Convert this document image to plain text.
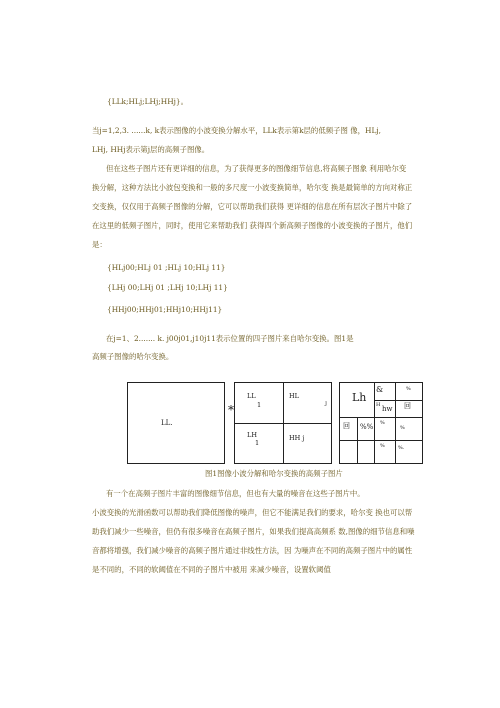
{LLk;HLj;LHj;HHj}。
当j=1,2,3. ......k, k表示图像的小波变换分解水平，LLk表示第k层的低频子图 像，HLj,
LHj, HHj表示第j层的高频子图像。
但在这些子图片还有更详细的信息，为了获得更多的图像细节信息,将高频子图象 利用哈尔变
换分解，这种方法比小波包变换和一般的多尺度一小波变换简单，哈尔变 换是最简单的方向对称正
交变换，仅仅用于高频子图像的分解，它可以帮助我们获得 更详细的信息在所有层次子图片中除了
在这里的低频子图片，同时，使用它来帮助我们 获得四个新高频子图像的小波变换的子图片，他们
是：
{HLj00;HLj 01 ;HLj 10;HLj 11}
{LHj 00;LHj 01 ;LHj 10;LHj 11}
{HHj00;HHj01;HHj10;HHj11}
在j=1、2....... k. j00j01,j10j11表示位置的四子图片来自哈尔变换。图1是
高频子图像的哈尔变换。
LL.
*
LL
1
HL
J
LH
1
HH j
Lh
&
H hw
%
回
回 %% %
%
%	%.
图1图像小波分解和哈尔变换的高频子图片
有一个在高频子图片丰富的图像细节信息，但也有大量的噪音在这些子图片中。
小波变换的光滑函数可以帮助我们降低图像的噪声，但它不能满足我们的要求，哈尔变 换也可以帮
助我们减少一些噪音，但仍有很多噪音在高频子图片，如果我们提高高频系 数,图像的细节信息和噪
音都将增强，我们减少噪音的高频子图片通过非线性方法，因 为噪声在不同的高频子图片中的属性
是不同的，不同的软阈值在不同的子图片中被用 来减少噪音，设置软阈值
